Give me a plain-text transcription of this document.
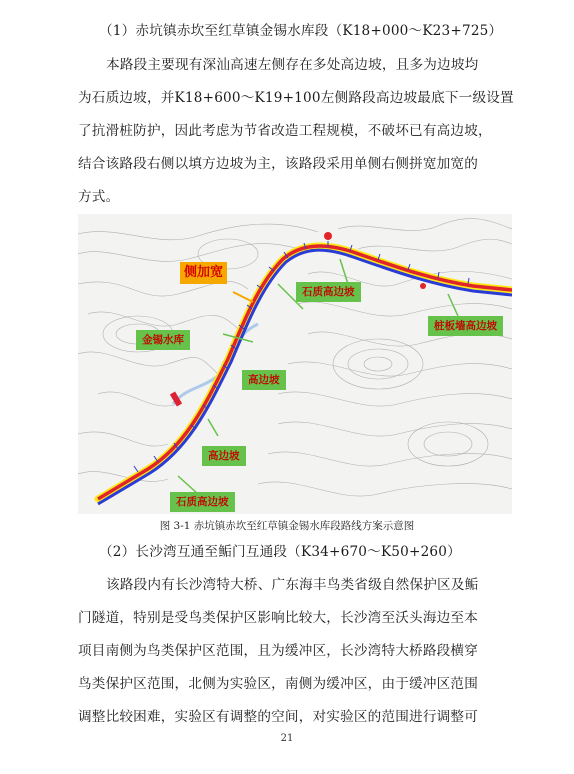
（1）赤坑镇赤坎至红草镇金锡水库段（K18+000～K23+725）
本路段主要现有深汕高速左侧存在多处高边坡，且多为边坡均
为石质边坡，并K18+600～K19+100左侧路段高边坡最底下一级设置
了抗滑桩防护，因此考虑为节省改造工程规模，不破坏已有高边坡，
结合该路段右侧以填方边坡为主，该路段采用单侧右侧拼宽加宽的
方式。
侧加宽
石质高边坡
桩板墙高边坡
金锡水库
高边坡
高边坡
石质高边坡
图 3-1 赤坑镇赤坎至红草镇金锡水库段路线方案示意图
（2）长沙湾互通至鲘门互通段（K34+670～K50+260）
该路段内有长沙湾特大桥、广东海丰鸟类省级自然保护区及鲘
门隧道，特别是受鸟类保护区影响比较大，长沙湾至沃头海边至本
项目南侧为鸟类保护区范围，且为缓冲区，长沙湾特大桥路段横穿
鸟类保护区范围，北侧为实验区，南侧为缓冲区，由于缓冲区范围
调整比较困难，实验区有调整的空间，对实验区的范围进行调整可
21
